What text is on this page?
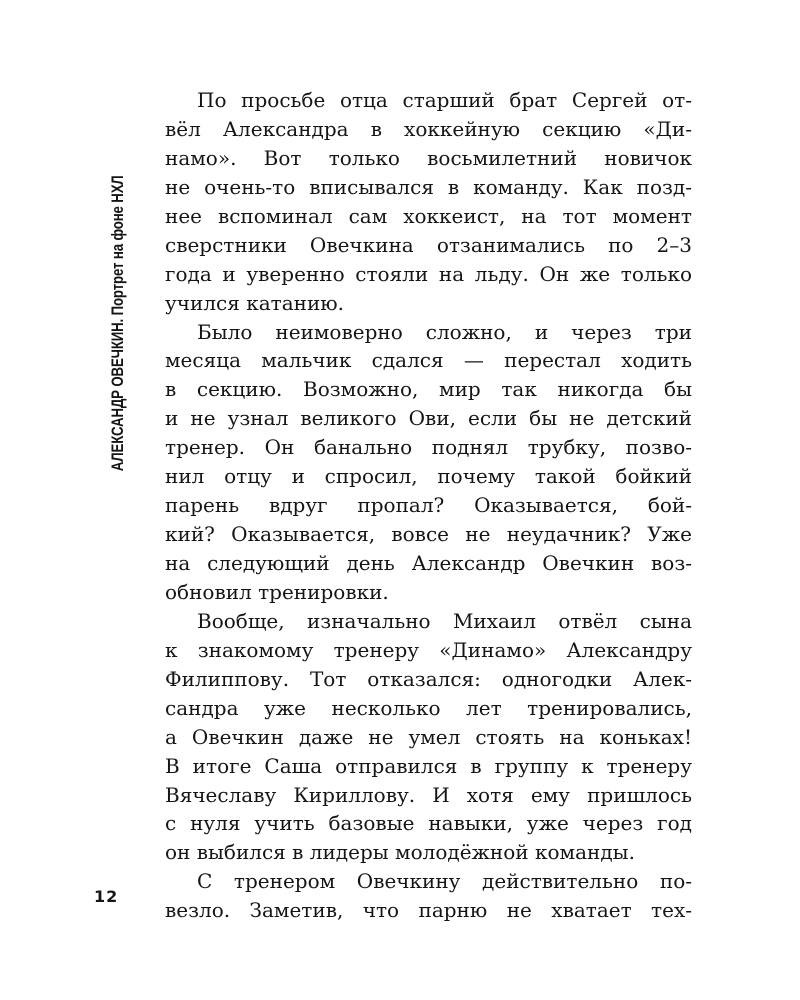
АЛЕКСАНДР ОВЕЧКИН. Портрет на фоне НХЛ
По просьбе отца старший брат Сергей от-
вёл Александра в хоккейную секцию «Ди-
намо». Вот только восьмилетний новичок
не очень-то вписывался в команду. Как позд-
нее вспоминал сам хоккеист, на тот момент
сверстники Овечкина отзанимались по 2–3
года и уверенно стояли на льду. Он же только
учился катанию.
Было неимоверно сложно, и через три
месяца мальчик сдался — перестал ходить
в секцию. Возможно, мир так никогда бы
и не узнал великого Ови, если бы не детский
тренер. Он банально поднял трубку, позво-
нил отцу и спросил, почему такой бойкий
парень вдруг пропал? Оказывается, бой-
кий? Оказывается, вовсе не неудачник? Уже
на следующий день Александр Овечкин воз-
обновил тренировки.
Вообще, изначально Михаил отвёл сына
к знакомому тренеру «Динамо» Александру
Филиппову. Тот отказался: одногодки Алек-
сандра уже несколько лет тренировались,
а Овечкин даже не умел стоять на коньках!
В итоге Саша отправился в группу к тренеру
Вячеславу Кириллову. И хотя ему пришлось
с нуля учить базовые навыки, уже через год
он выбился в лидеры молодёжной команды.
С тренером Овечкину действительно по-
везло. Заметив, что парню не хватает тех-
12
